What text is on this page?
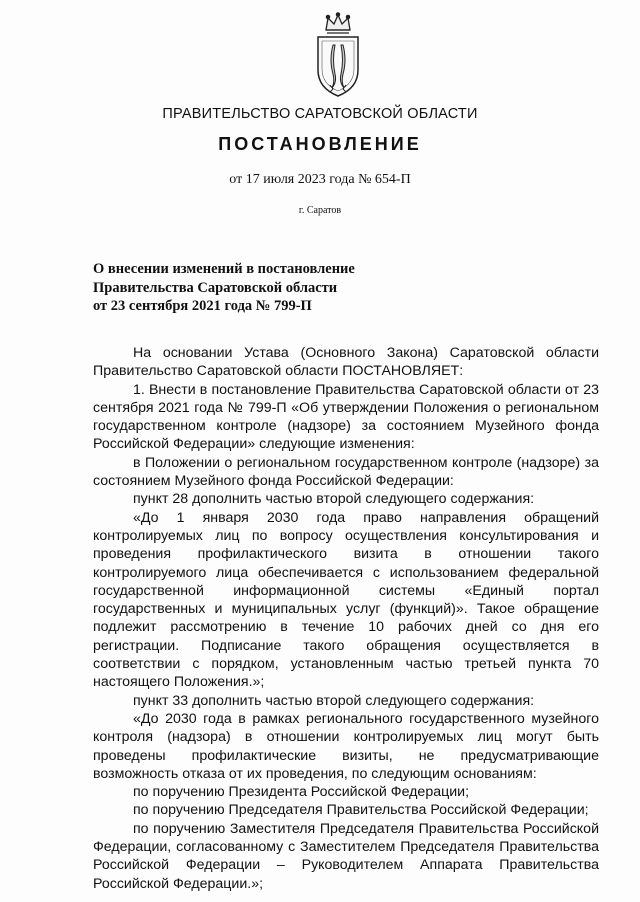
ПРАВИТЕЛЬСТВО САРАТОВСКОЙ ОБЛАСТИ
ПОСТАНОВЛЕНИЕ
от 17 июля 2023 года № 654-П
г. Саратов
О внесении изменений в постановление
Правительства Саратовской области
от 23 сентября 2021 года № 799-П

На основании Устава (Основного Закона) Саратовской области Правительство Саратовской области ПОСТАНОВЛЯЕТ:

1. Внести в постановление Правительства Саратовской области от 23 сентября 2021 года № 799-П «Об утверждении Положения о региональном государственном контроле (надзоре) за состоянием Музейного фонда Российской Федерации» следующие изменения:

в Положении о региональном государственном контроле (надзоре) за состоянием Музейного фонда Российской Федерации:

пункт 28 дополнить частью второй следующего содержания:

«До 1 января 2030 года право направления обращений контролируемых лиц по вопросу осуществления консультирования и проведения профилактического визита в отношении такого контролируемого лица обеспечивается с использованием федеральной государственной информационной системы «Единый портал государственных и муниципальных услуг (функций)». Такое обращение подлежит рассмотрению в течение 10 рабочих дней со дня его регистрации. Подписание такого обращения осуществляется в соответствии с порядком, установленным частью третьей пункта 70 настоящего Положения.»;

пункт 33 дополнить частью второй следующего содержания:

«До 2030 года в рамках регионального государственного музейного контроля (надзора) в отношении контролируемых лиц могут быть проведены профилактические визиты, не предусматривающие возможность отказа от их проведения, по следующим основаниям:

по поручению Президента Российской Федерации;

по поручению Председателя Правительства Российской Федерации;

по поручению Заместителя Председателя Правительства Российской Федерации, согласованному с Заместителем Председателя Правительства Российской Федерации – Руководителем Аппарата Правительства Российской Федерации.»;
